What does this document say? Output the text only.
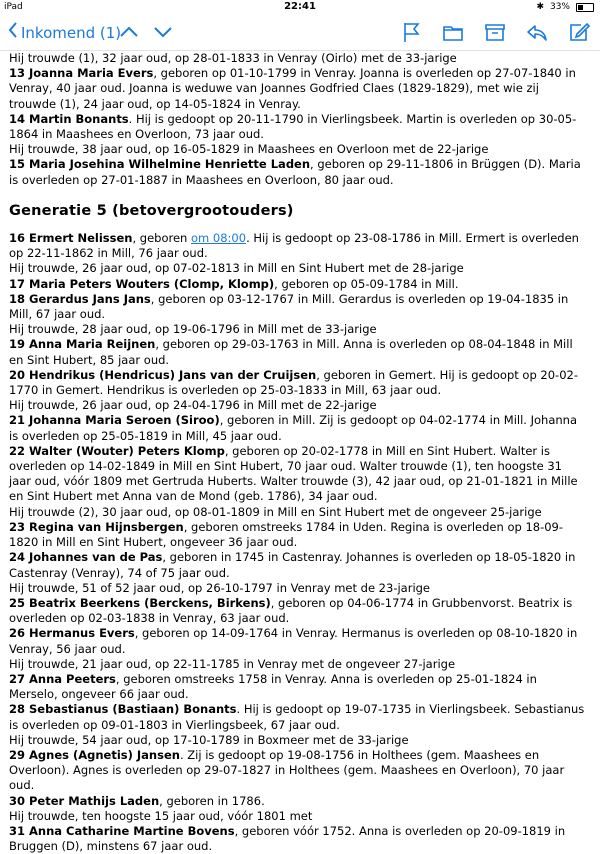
iPad	22:41	✱ 33%
Inkomend (1)

Hij trouwde (1), 32 jaar oud, op 28-01-1833 in Venray (Oirlo) met de 33-jarige

13 Joanna Maria Evers, geboren op 01-10-1799 in Venray. Joanna is overleden op 27-07-1840 in Venray, 40 jaar oud. Joanna is weduwe van Joannes Godfried Claes (1829-1829), met wie zij trouwde (1), 24 jaar oud, op 14-05-1824 in Venray.

14 Martin Bonants. Hij is gedoopt op 20-11-1790 in Vierlingsbeek. Martin is overleden op 30-05-1864 in Maashees en Overloon, 73 jaar oud.

Hij trouwde, 38 jaar oud, op 16-05-1829 in Maashees en Overloon met de 22-jarige

15 Maria Josehina Wilhelmine Henriette Laden, geboren op 29-11-1806 in Brüggen (D). Maria is overleden op 27-01-1887 in Maashees en Overloon, 80 jaar oud.

Generatie 5 (betovergrootouders)

16 Ermert Nelissen, geboren om 08:00. Hij is gedoopt op 23-08-1786 in Mill. Ermert is overleden op 22-11-1862 in Mill, 76 jaar oud.

Hij trouwde, 26 jaar oud, op 07-02-1813 in Mill en Sint Hubert met de 28-jarige

17 Maria Peters Wouters (Clomp, Klomp), geboren op 05-09-1784 in Mill.

18 Gerardus Jans Jans, geboren op 03-12-1767 in Mill. Gerardus is overleden op 19-04-1835 in Mill, 67 jaar oud.

Hij trouwde, 28 jaar oud, op 19-06-1796 in Mill met de 33-jarige

19 Anna Maria Reijnen, geboren op 29-03-1763 in Mill. Anna is overleden op 08-04-1848 in Mill en Sint Hubert, 85 jaar oud.

20 Hendrikus (Hendricus) Jans van der Cruijsen, geboren in Gemert. Hij is gedoopt op 20-02-1770 in Gemert. Hendrikus is overleden op 25-03-1833 in Mill, 63 jaar oud.

Hij trouwde, 26 jaar oud, op 24-04-1796 in Mill met de 22-jarige

21 Johanna Maria Seroen (Siroo), geboren in Mill. Zij is gedoopt op 04-02-1774 in Mill. Johanna is overleden op 25-05-1819 in Mill, 45 jaar oud.

22 Walter (Wouter) Peters Klomp, geboren op 20-02-1778 in Mill en Sint Hubert. Walter is overleden op 14-02-1849 in Mill en Sint Hubert, 70 jaar oud. Walter trouwde (1), ten hoogste 31 jaar oud, vóór 1809 met Gertruda Huberts. Walter trouwde (3), 42 jaar oud, op 21-01-1821 in Mille en Sint Hubert met Anna van de Mond (geb. 1786), 34 jaar oud.

Hij trouwde (2), 30 jaar oud, op 08-01-1809 in Mill en Sint Hubert met de ongeveer 25-jarige

23 Regina van Hijnsbergen, geboren omstreeks 1784 in Uden. Regina is overleden op 18-09-1820 in Mill en Sint Hubert, ongeveer 36 jaar oud.

24 Johannes van de Pas, geboren in 1745 in Castenray. Johannes is overleden op 18-05-1820 in Castenray (Venray), 74 of 75 jaar oud.

Hij trouwde, 51 of 52 jaar oud, op 26-10-1797 in Venray met de 23-jarige

25 Beatrix Beerkens (Berckens, Birkens), geboren op 04-06-1774 in Grubbenvorst. Beatrix is overleden op 02-03-1838 in Venray, 63 jaar oud.

26 Hermanus Evers, geboren op 14-09-1764 in Venray. Hermanus is overleden op 08-10-1820 in Venray, 56 jaar oud.

Hij trouwde, 21 jaar oud, op 22-11-1785 in Venray met de ongeveer 27-jarige

27 Anna Peeters, geboren omstreeks 1758 in Venray. Anna is overleden op 25-01-1824 in Merselo, ongeveer 66 jaar oud.

28 Sebastianus (Bastiaan) Bonants. Hij is gedoopt op 19-07-1735 in Vierlingsbeek. Sebastianus is overleden op 09-01-1803 in Vierlingsbeek, 67 jaar oud.

Hij trouwde, 54 jaar oud, op 17-10-1789 in Boxmeer met de 33-jarige

29 Agnes (Agnetis) Jansen. Zij is gedoopt op 19-08-1756 in Holthees (gem. Maashees en Overloon). Agnes is overleden op 29-07-1827 in Holthees (gem. Maashees en Overloon), 70 jaar oud.

30 Peter Mathijs Laden, geboren in 1786.

Hij trouwde, ten hoogste 15 jaar oud, vóór 1801 met

31 Anna Catharine Martine Bovens, geboren vóór 1752. Anna is overleden op 20-09-1819 in Bruggen (D), minstens 67 jaar oud.
